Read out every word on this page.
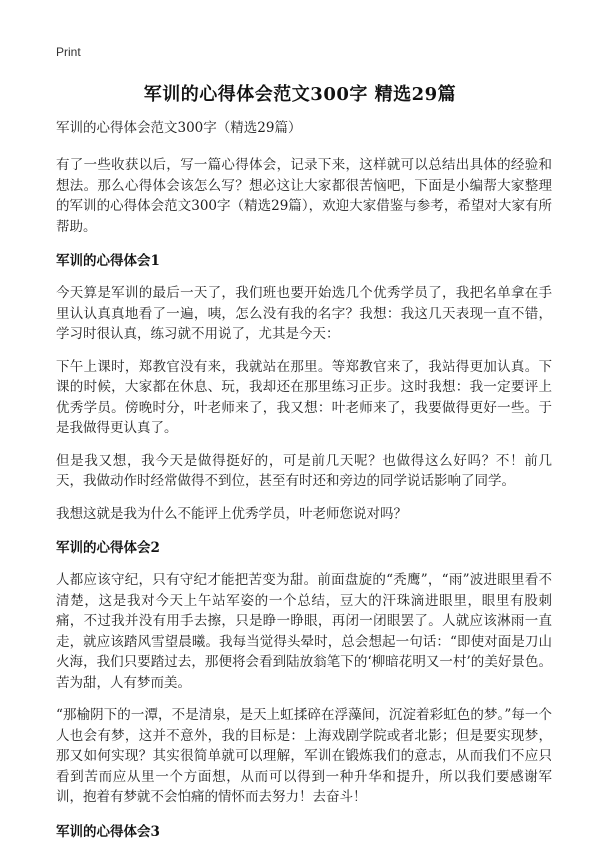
Print
军训的心得体会范文300字 精选29篇
军训的心得体会范文300字（精选29篇）

有了一些收获以后，写一篇心得体会，记录下来，这样就可以总结出具体的经验和想法。那么心得体会该怎么写？想必这让大家都很苦恼吧，下面是小编帮大家整理的军训的心得体会范文300字（精选29篇），欢迎大家借鉴与参考，希望对大家有所帮助。

军训的心得体会1

今天算是军训的最后一天了，我们班也要开始选几个优秀学员了，我把名单拿在手里认认真真地看了一遍，咦，怎么没有我的名字？我想：我这几天表现一直不错，学习时很认真，练习就不用说了，尤其是今天：

下午上课时，郑教官没有来，我就站在那里。等郑教官来了，我站得更加认真。下课的时候，大家都在休息、玩，我却还在那里练习正步。这时我想：我一定要评上优秀学员。傍晚时分，叶老师来了，我又想：叶老师来了，我要做得更好一些。于是我做得更认真了。

但是我又想，我今天是做得挺好的，可是前几天呢？也做得这么好吗？不！前几天，我做动作时经常做得不到位，甚至有时还和旁边的同学说话影响了同学。

我想这就是我为什么不能评上优秀学员，叶老师您说对吗？

军训的心得体会2

人都应该守纪，只有守纪才能把苦变为甜。前面盘旋的“秃鹰”，“雨”波进眼里看不清楚，这是我对今天上午站军姿的一个总结，豆大的汗珠滴进眼里，眼里有股刺痛，不过我并没有用手去擦，只是睁一睁眼，再闭一闭眼罢了。人就应该淋雨一直走，就应该踏风雪望晨曦。我每当觉得头晕时，总会想起一句话：“即使对面是刀山火海，我们只要踏过去，那便将会看到陆放翁笔下的‘柳暗花明又一村’的美好景色。苦为甜，人有梦而美。

“那榆阴下的一潭，不是清泉，是天上虹揉碎在浮藻间，沉淀着彩虹色的梦。”每一个人也会有梦，这并不意外，我的目标是：上海戏剧学院或者北影；但是要实现梦，那又如何实现？其实很简单就可以理解，军训在锻炼我们的意志，从而我们不应只看到苦而应从里一个方面想，从而可以得到一种升华和提升，所以我们要感谢军训，抱着有梦就不会怕痛的情怀而去努力！去奋斗！

军训的心得体会3
